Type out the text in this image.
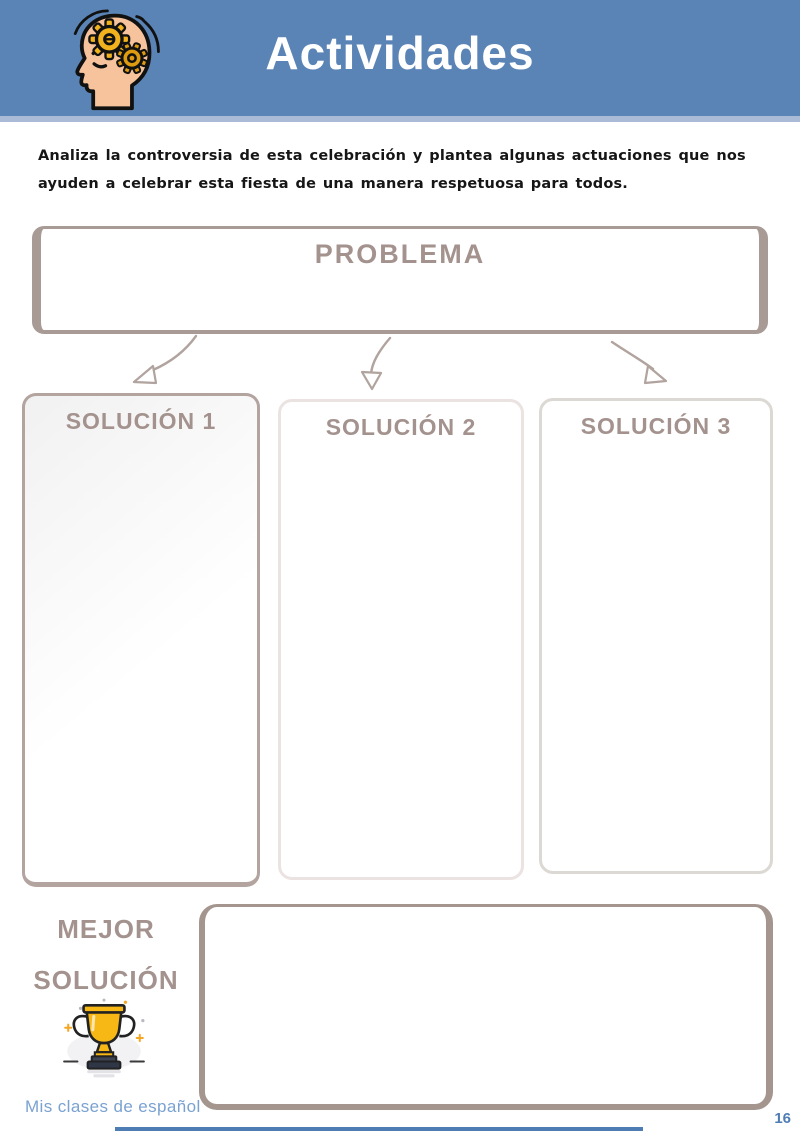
Actividades

Analiza la controversia de esta celebración y plantea algunas actuaciones que nos ayuden a celebrar esta fiesta de una manera respetuosa para todos.

PROBLEMA
SOLUCIÓN 1	SOLUCIÓN 2	SOLUCIÓN 3
MEJOR
SOLUCIÓN
Mis clases de español
16
